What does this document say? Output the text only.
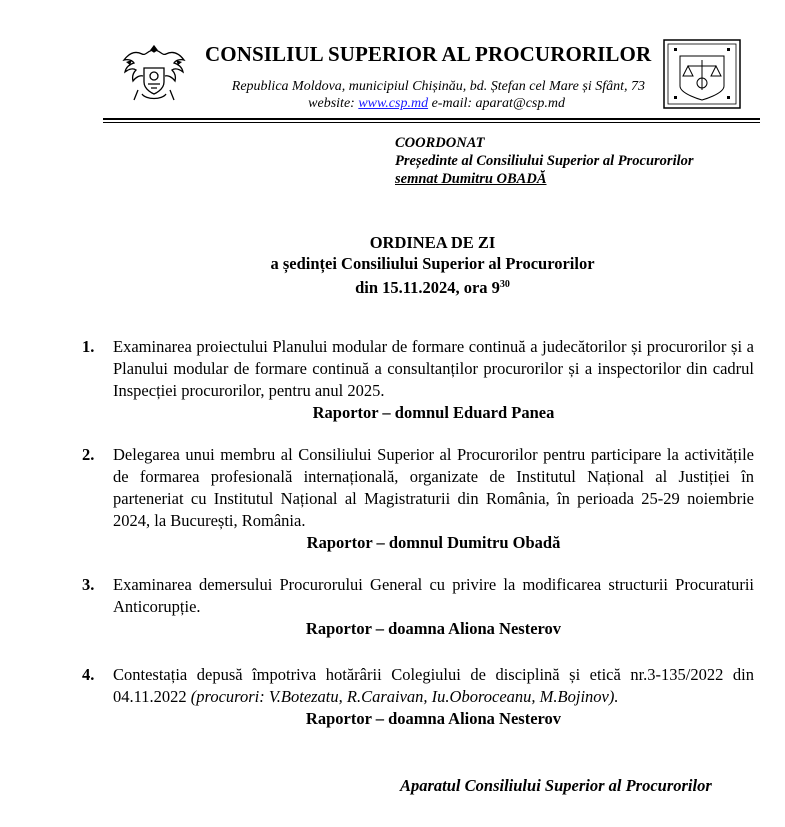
CONSILIUL SUPERIOR AL PROCURORILOR
Republica Moldova, municipiul Chișinău, bd. Ștefan cel Mare și Sfânt, 73
website: www.csp.md e-mail: aparat@csp.md
COORDONAT
Președinte al Consiliului Superior al Procurorilor
semnat Dumitru OBADĂ
ORDINEA DE ZI
a ședinței Consiliului Superior al Procurorilor
din 15.11.2024, ora $9^{30}$
1.	Examinarea proiectului Planului modular de formare continuă a judecătorilor și procurorilor și a Planului modular de formare continuă a consultanților procurorilor și a inspectorilor din cadrul Inspecției procurorilor, pentru anul 2025.
Raportor – domnul Eduard Panea
2.	Delegarea unui membru al Consiliului Superior al Procurorilor pentru participare la activitățile de formarea profesională internațională, organizate de Institutul Național al Justiției în parteneriat cu Institutul Național al Magistraturii din România, în perioada 25-29 noiembrie 2024, la București, România.
Raportor – domnul Dumitru Obadă
3.	Examinarea demersului Procurorului General cu privire la modificarea structurii Procuraturii Anticorupție.
Raportor – doamna Aliona Nesterov
4.	Contestația depusă împotriva hotărârii Colegiului de disciplină și etică nr.3-135/2022 din 04.11.2022 (procurori: V.Botezatu, R.Caraivan, Iu.Oboroceanu, M.Bojinov).
Raportor – doamna Aliona Nesterov
Aparatul Consiliului Superior al Procurorilor
